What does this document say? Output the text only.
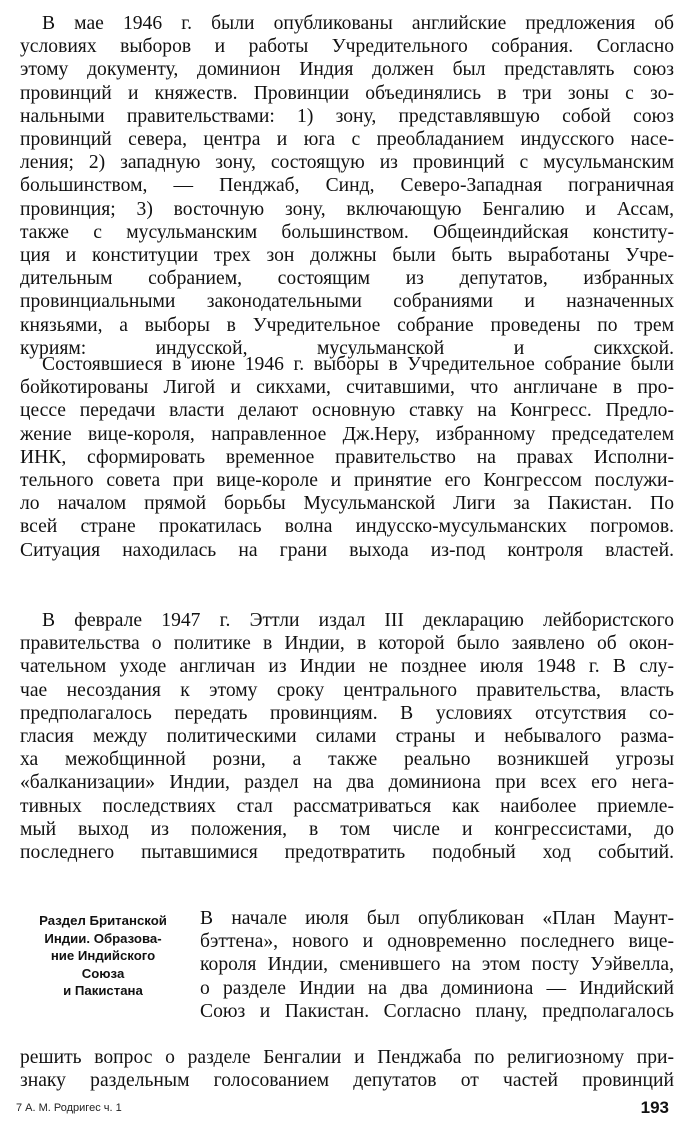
В мае 1946 г. были опубликованы английские предложения об
условиях выборов и работы Учредительного собрания. Согласно
этому документу, доминион Индия должен был представлять союз
провинций и княжеств. Провинции объединялись в три зоны с зо-
нальными правительствами: 1) зону, представлявшую собой союз
провинций севера, центра и юга с преобладанием индусского насе-
ления; 2) западную зону, состоящую из провинций с мусульманским
большинством, — Пенджаб, Синд, Северо-Западная пограничная
провинция; 3) восточную зону, включающую Бенгалию и Ассам,
также с мусульманским большинством. Общеиндийская конститу-
ция и конституции трех зон должны были быть выработаны Учре-
дительным собранием, состоящим из депутатов, избранных
провинциальными законодательными собраниями и назначенных
князьями, а выборы в Учредительное собрание проведены по трем
куриям: индусской, мусульманской и сикхской.

Состоявшиеся в июне 1946 г. выборы в Учредительное собрание были
бойкотированы Лигой и сикхами, считавшими, что англичане в про-
цессе передачи власти делают основную ставку на Конгресс. Предло-
жение вице-короля, направленное Дж.Неру, избранному председателем
ИНК, сформировать временное правительство на правах Исполни-
тельного совета при вице-короле и принятие его Конгрессом послужи-
ло началом прямой борьбы Мусульманской Лиги за Пакистан. По
всей стране прокатилась волна индусско-мусульманских погромов.
Ситуация находилась на грани выхода из-под контроля властей.

В феврале 1947 г. Эттли издал III декларацию лейбористского
правительства о политике в Индии, в которой было заявлено об окон-
чательном уходе англичан из Индии не позднее июля 1948 г. В слу-
чае несоздания к этому сроку центрального правительства, власть
предполагалось передать провинциям. В условиях отсутствия со-
гласия между политическими силами страны и небывалого разма-
ха межобщинной розни, а также реально возникшей угрозы
«балканизации» Индии, раздел на два доминиона при всех его нега-
тивных последствиях стал рассматриваться как наиболее приемле-
мый выход из положения, в том числе и конгрессистами, до
последнего пытавшимися предотвратить подобный ход событий.

Раздел Британской
Индии. Образова-
ние Индийского
Союза
и Пакистана

В начале июля был опубликован «План Маунт-
бэттена», нового и одновременно последнего вице-
короля Индии, сменившего на этом посту Уэйвелла,
о разделе Индии на два доминиона — Индийский
Союз и Пакистан. Согласно плану, предполагалось

решить вопрос о разделе Бенгалии и Пенджаба по религиозному при-
знаку раздельным голосованием депутатов от частей провинций

7 А. М. Родригес ч. 1	193
